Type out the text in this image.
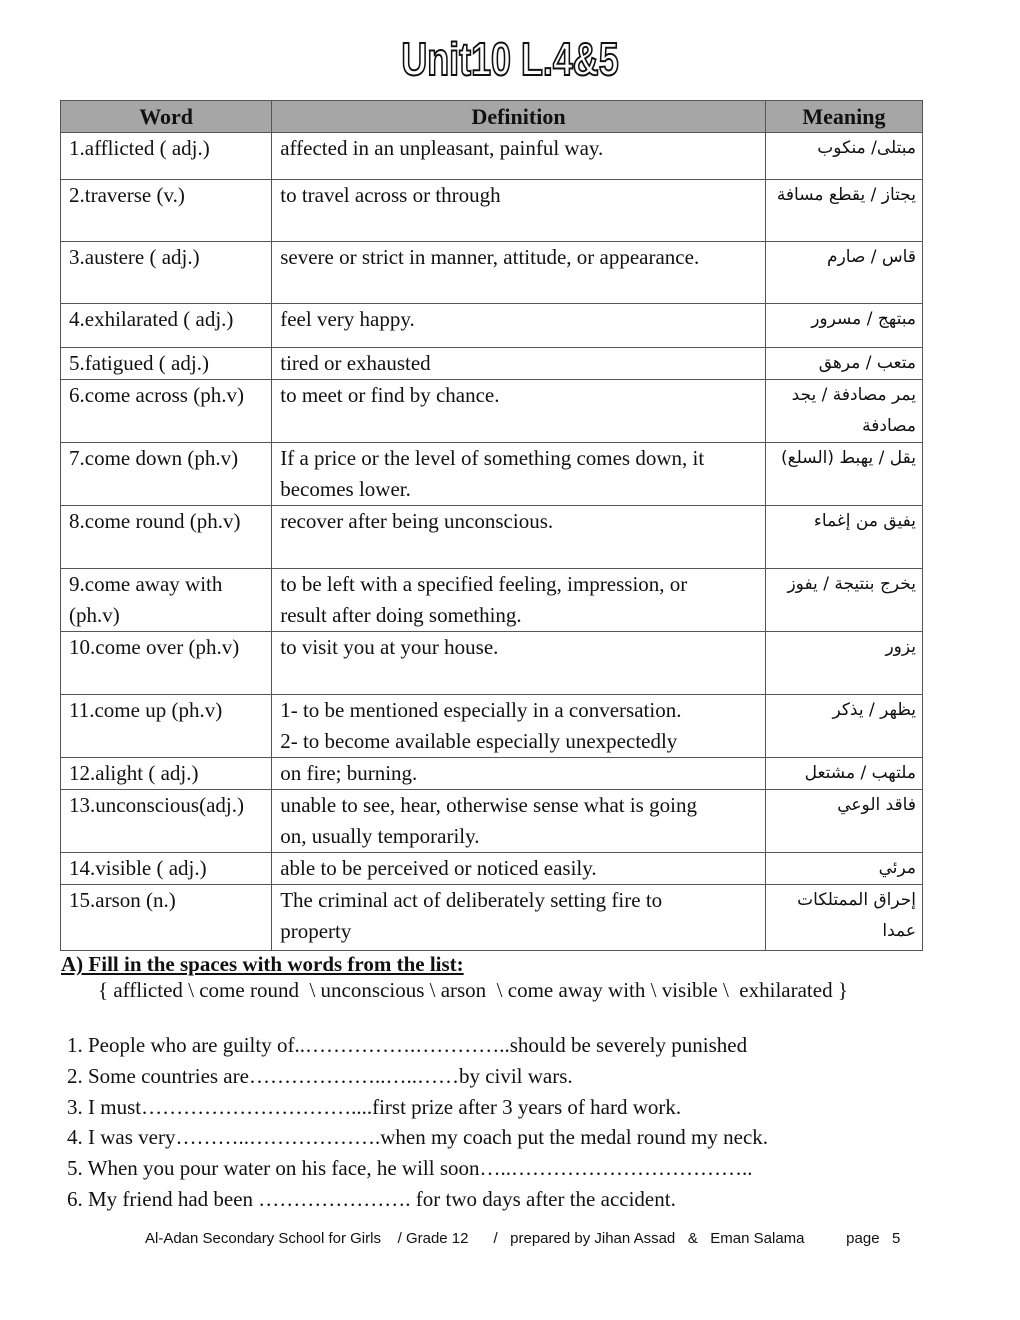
Unit10 L.4&5
Word	Definition	Meaning
1.afflicted ( adj.)	affected in an unpleasant, painful way.	مبتلى/ منكوب
2.traverse (v.)	to travel across or through	يجتاز / يقطع مسافة
3.austere ( adj.)	severe or strict in manner, attitude, or appearance.	قاس / صارم
4.exhilarated ( adj.)	feel very happy.	مبتهج / مسرور
5.fatigued ( adj.)	tired or exhausted	متعب / مرهق
6.come across (ph.v)	to meet or find by chance.	يمر مصادفة / يجد مصادفة
7.come down (ph.v)	If a price or the level of something comes down, it
becomes lower.	يقل / يهبط (السلع)
8.come round (ph.v)	recover after being unconscious.	يفيق من إغماء
9.come away with (ph.v)	to be left with a specified feeling, impression, or
result after doing something.	يخرج بنتيجة / يفوز
10.come over (ph.v)	to visit you at your house.	يزور
11.come up (ph.v)	1- to be mentioned especially in a conversation.
2- to become available especially unexpectedly	يظهر / يذكر
12.alight ( adj.)	on fire; burning.	ملتهب / مشتعل
13.unconscious(adj.)	unable to see, hear, otherwise sense what is going
on, usually temporarily.	فاقد الوعي
14.visible ( adj.)	able to be perceived or noticed easily.	مرئي
15.arson (n.)	The criminal act of deliberately setting fire to
property	إحراق الممتلكات عمدا
A) Fill in the spaces with words from the list:
{ afflicted \ come round  \ unconscious \ arson  \ come away with \ visible \  exhilarated }
1. People who are guilty of..…………….…………..should be severely punished
2. Some countries are………………..…..……by civil wars.
3. I must…………………………....first prize after 3 years of hard work.
4. I was very………..……………….when my coach put the medal round my neck.
5. When you pour water on his face, he will soon…..……………………………..
6. My friend had been …………………. for two days after the accident.
Al-Adan Secondary School for Girls    / Grade 12      /   prepared by Jihan Assad   &   Eman Salama          page   5
